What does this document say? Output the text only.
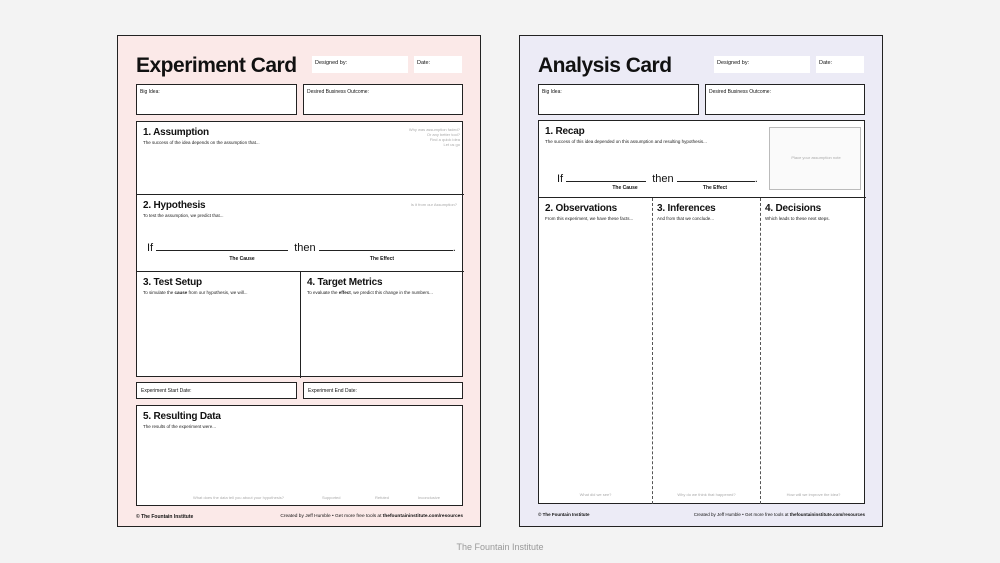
Experiment Card	Designed by:	Date:
Big Idea:	Desired Business Outcome:
1. Assumption
The success of the idea depends on the assumption that...
Why was assumption faded?
Or any better tool?
Find a quick idea
Let us go
2. Hypothesis
To test the assumption, we predict that...
Is it from our Assumption?
If	then	.
The Cause	The Effect
3. Test Setup
To simulate the cause from our hypothesis, we will...
4. Target Metrics
To evaluate the effect, we predict this change in the numbers...
Experiment Start Date:	Experiment End Date:
5. Resulting Data
The results of the experiment were...
What does the data tell you about your hypothesis?	Supported	Refuted	Inconclusive
© The Fountain Institute	Created by Jeff Humble • Get more free tools at thefountaininstitute.com/resources
Analysis Card	Designed by:	Date:
Big Idea:	Desired Business Outcome:
1. Recap
The success of this idea depended on this assumption and resulting hypothesis...
If	then	.
The Cause	The Effect
Place your assumption note
2. Observations
From this experiment, we have these facts...
What did we see?
3. Inferences
And from that we conclude...
Why do we think that happened?
4. Decisions
Which leads to these next steps.
How will we improve the idea?
© The Fountain Institute	Created by Jeff Humble • Get more free tools at thefountaininstitute.com/resources
The Fountain Institute
